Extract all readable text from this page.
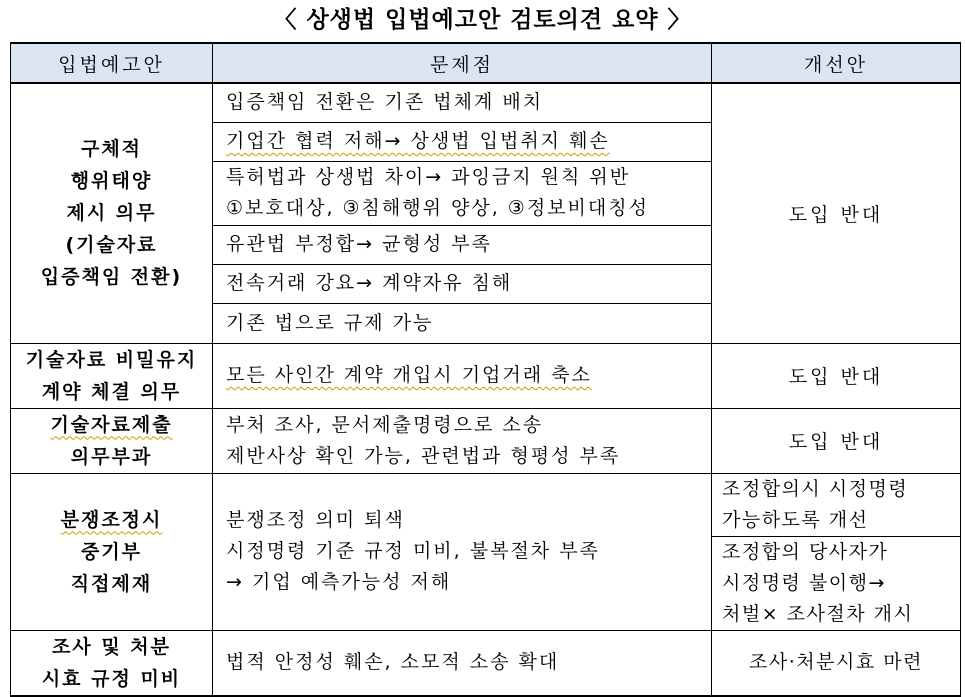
〈 상생법 입법예고안 검토의견 요약 〉
입법예고안	문제점	개선안

구체적
행위태양
제시 의무
(기술자료
입증책임 전환)	입증책임 전환은 기존 법체계 배치	도입 반대
	기업간 협력 저해→ 상생법 입법취지 훼손	

	특허법과 상생법 차이→ 과잉금지 원칙 위반
①보호대상, ③침해행위 양상, ③정보비대칭성	

	유관법 부정합→ 균형성 부족	
	전속거래 강요→ 계약자유 침해	
	기존 법으로 규제 가능	

기술자료 비밀유지
계약 체결 의무	모든 사인간 계약 개입시 기업거래 축소	도입 반대

기술자료제출
의무부과	부처 조사, 문서제출명령으로 소송
제반사상 확인 가능, 관련법과 형평성 부족	도입 반대

분쟁조정시
중기부
직접제재	분쟁조정 의미 퇴색
시정명령 기준 규정 미비, 불복절차 부족
→ 기업 예측가능성 저해	조정합의시 시정명령
가능하도록 개선

		조정합의 당사자가
시정명령 불이행→
처벌× 조사절차 개시

조사 및 처분
시효 규정 미비	법적 안정성 훼손, 소모적 소송 확대	조사·처분시효 마련
